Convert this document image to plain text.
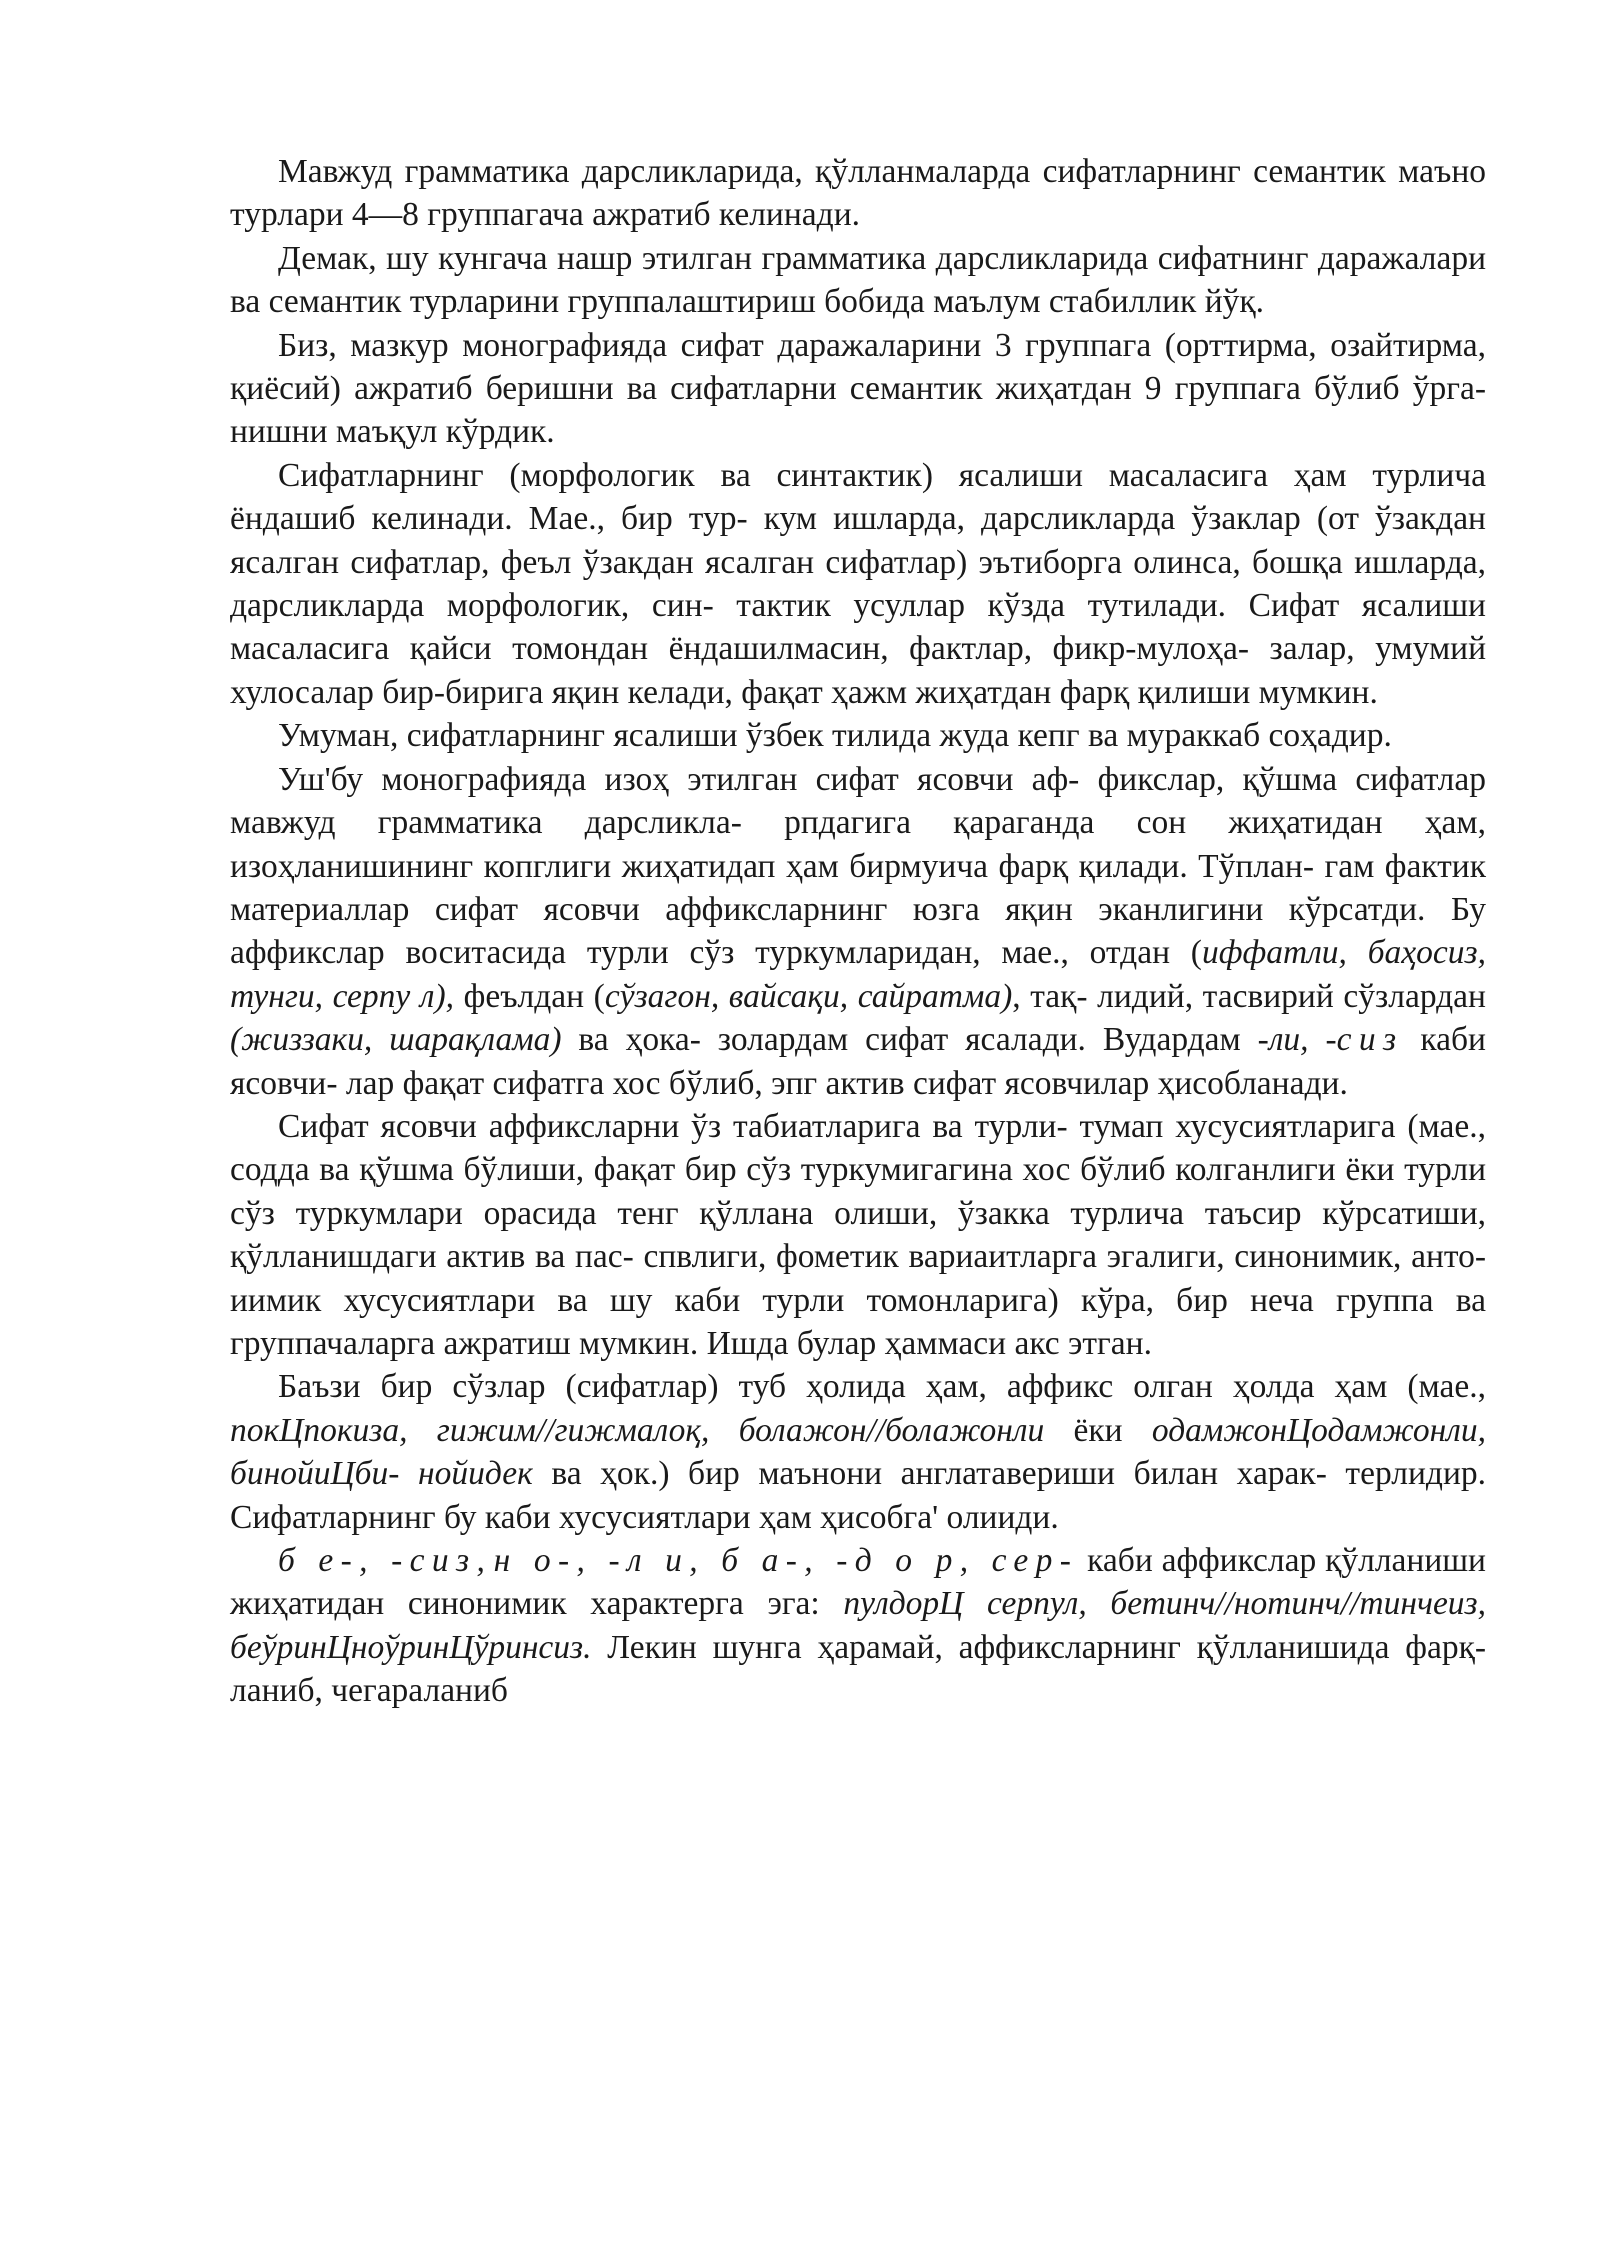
Мавжуд грамматика дарсликларида, қўлланмаларда сифатларнинг семантик маъно турлари 4—8 группагача ажратиб келинади.

Демак, шу кунгача нашр этилган грамматика дарсликларида сифатнинг даражалари ва семантик турларини группалаштириш бобида маълум стабиллик йўқ.

Биз, мазкур монографияда сифат даражаларини 3 группага (орттирма, озайтирма, қиёсий) ажратиб беришни ва сифатларни семантик жиҳатдан 9 группага бўлиб ўрга- нишни маъқул кўрдик.

Сифатларнинг (морфологик ва синтактик) ясалиши масаласига ҳам турлича ёндашиб келинади. Мае., бир тур- кум ишларда, дарсликларда ўзаклар (от ўзакдан ясалган сифатлар, феъл ўзакдан ясалган сифатлар) эътиборга олинса, бошқа ишларда, дарсликларда морфологик, син- тактик усуллар кўзда тутилади. Сифат ясалиши масаласига қайси томондан ёндашилмасин, фактлар, фикр-мулоҳа- залар, умумий хулосалар бир-бирига яқин келади, фақат ҳажм жиҳатдан фарқ қилиши мумкин.

Умуман, сифатларнинг ясалиши ўзбек тилида жуда кепг ва мураккаб соҳадир.

Уш'бу монографияда изоҳ этилган сифат ясовчи аф- фикслар, қўшма сифатлар мавжуд грамматика дарсликла- рпдагига қараганда сон жиҳатидан ҳам, изоҳланишининг копглиги жиҳатидап ҳам бирмуича фарқ қилади. Тўплан- гам фактик материаллар сифат ясовчи аффиксларнинг юзга яқин эканлигини кўрсатди. Бу аффикслар воситасида турли сўз туркумларидан, мае., отдан (иффатли, баҳосиз, тунги, серпу л), феълдан (сўзагон, вайсақи, сайратма), тақ- лидий, тасвирий сўзлардан (жиззаки, шарақлама) ва ҳока- золардам сифат ясалади. Вудардам -ли, -сиз каби ясовчи- лар фақат сифатга хос бўлиб, эпг актив сифат ясовчилар ҳисобланади.

Сифат ясовчи аффиксларни ўз табиатларига ва турли- тумап хусусиятларига (мае., содда ва қўшма бўлиши, фақат бир сўз туркумигагина хос бўлиб колганлиги ёки турли сўз туркумлари орасида тенг қўллана олиши, ўзакка турлича таъсир кўрсатиши, қўлланишдаги актив ва пас- спвлиги, фометик вариаитларга эгалиги, синонимик, анто- иимик хусусиятлари ва шу каби турли томонларига) кўра, бир неча группа ва группачаларга ажратиш мумкин. Ишда булар ҳаммаси акс этган.

Баъзи бир сўзлар (сифатлар) туб ҳолида ҳам, аффикс олган ҳолда ҳам (мае., покЦпокиза, гижим//гижмалоқ, болажон//болажонли ёки одамжонЦодамжонли, бинойиЦби- нойидек ва ҳок.) бир маънони англатавериши билан харак- терлидир. Сифатларнинг бу каби хусусиятлари ҳам ҳисобга' олииди.

б е-, -сиз, н о-, -л и, б а-, -д о р, сер- каби аффикслар қўлланиши жиҳатидан синонимик характерга эга: пулдорЦ серпул, бетинч//нотинч//тинчеиз, беўринЦноўринЦўринсиз. Лекин шунга ҳарамай, аффиксларнинг қўлланишида фарқ- ланиб, чегараланиб
